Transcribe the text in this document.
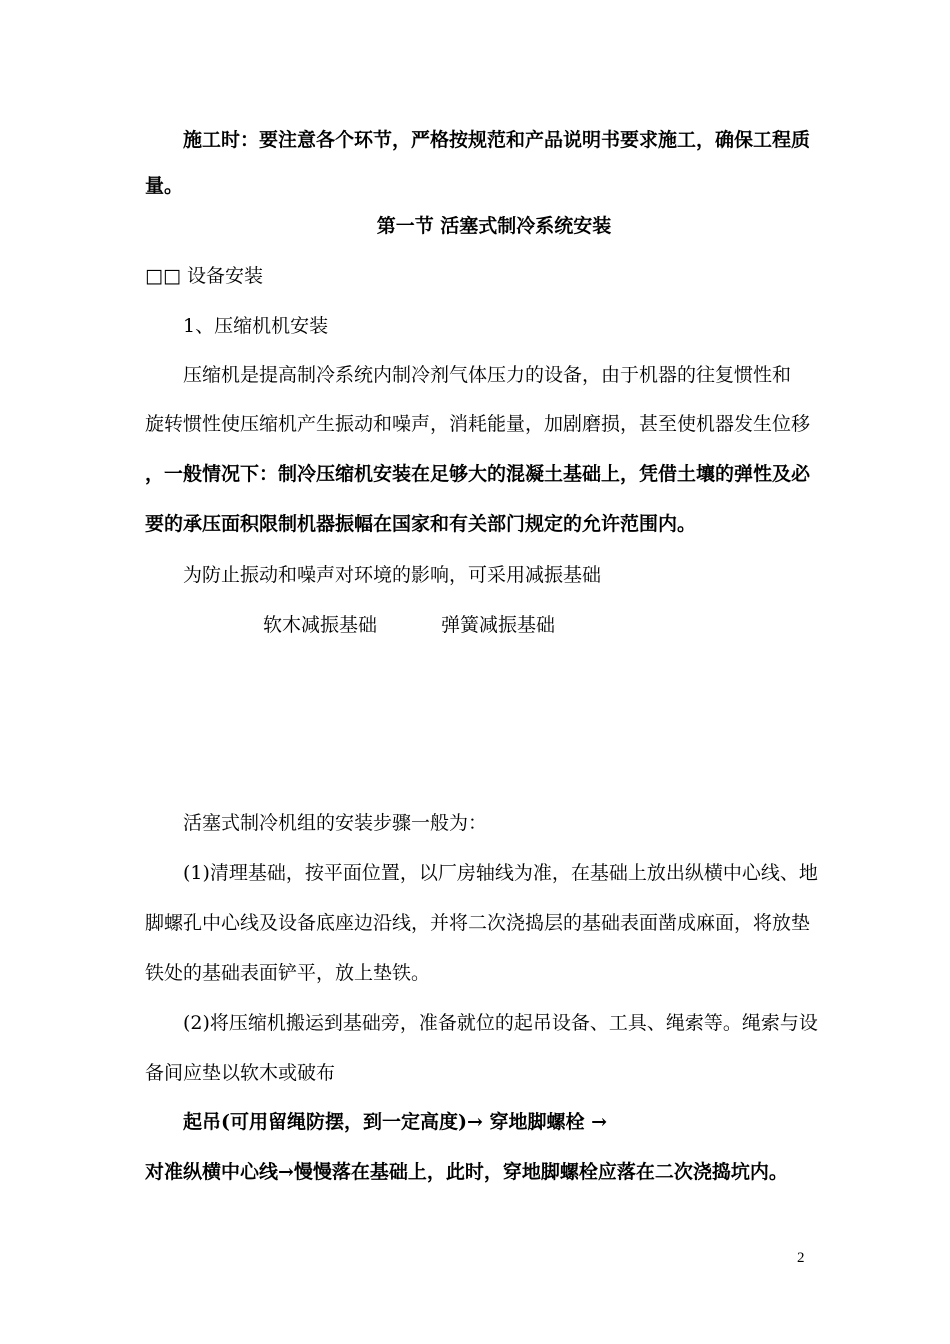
施工时：要注意各个环节，严格按规范和产品说明书要求施工，确保工程质
量。
第一节 活塞式制冷系统安装
□□ 设备安装
1、压缩机机安装
压缩机是提高制冷系统内制冷剂气体压力的设备，由于机器的往复惯性和
旋转惯性使压缩机产生振动和噪声，消耗能量，加剧磨损，甚至使机器发生位移
，一般情况下：制冷压缩机安装在足够大的混凝土基础上，凭借土壤的弹性及必
要的承压面积限制机器振幅在国家和有关部门规定的允许范围内。
为防止振动和噪声对环境的影响，可采用减振基础
软木减振基础	弹簧减振基础
活塞式制冷机组的安装步骤一般为：
(1)清理基础，按平面位置，以厂房轴线为准，在基础上放出纵横中心线、地
脚螺孔中心线及设备底座边沿线，并将二次浇捣层的基础表面凿成麻面，将放垫
铁处的基础表面铲平，放上垫铁。
(2)将压缩机搬运到基础旁，准备就位的起吊设备、工具、绳索等。绳索与设
备间应垫以软木或破布
起吊(可用留绳防摆，到一定高度)→ 穿地脚螺栓 →
对准纵横中心线→慢慢落在基础上，此时，穿地脚螺栓应落在二次浇捣坑内。
2
